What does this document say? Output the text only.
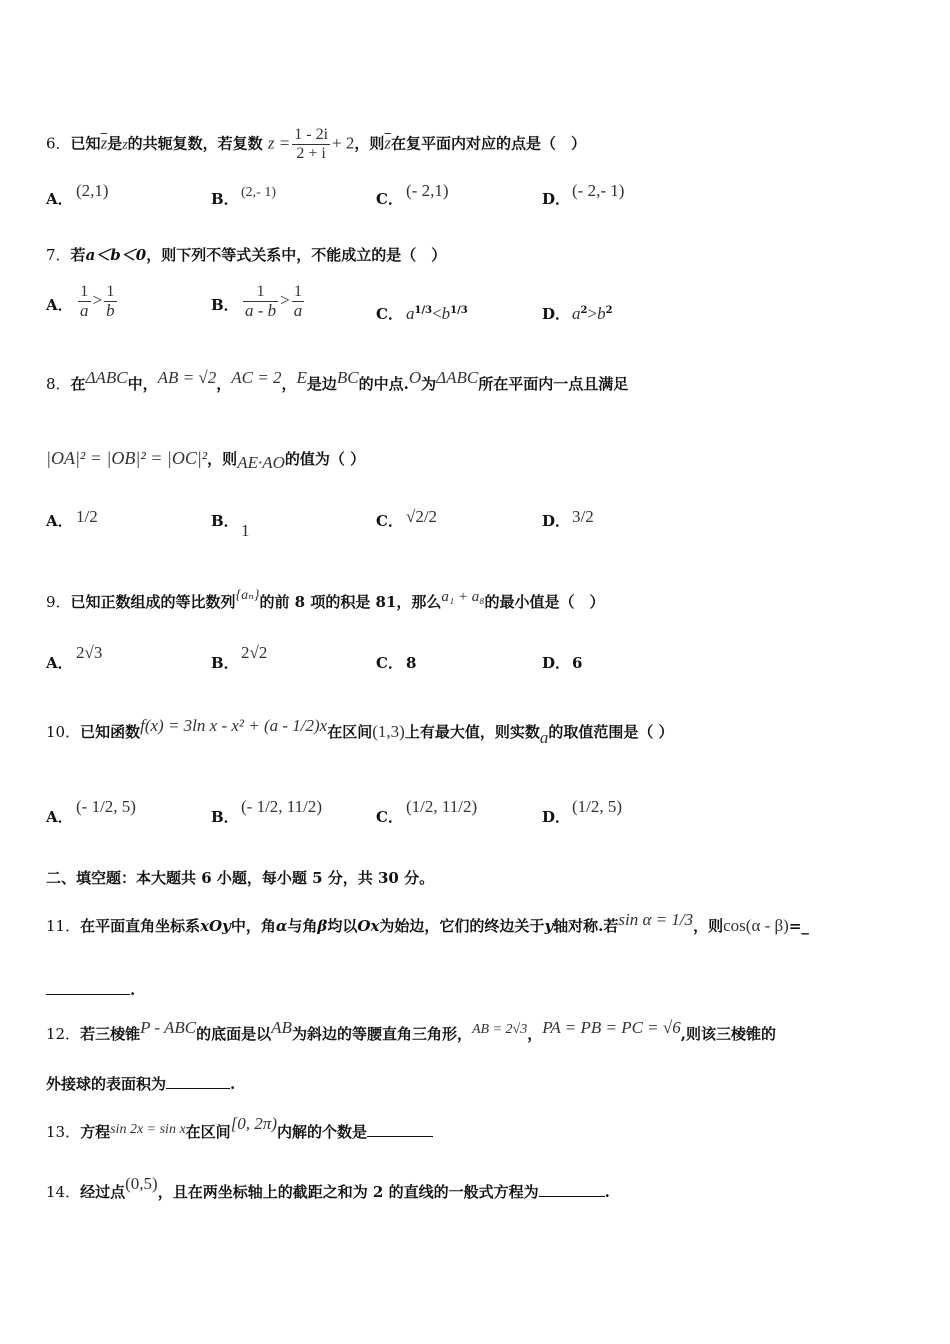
6．已知$\overline{z}$是z的共轭复数，若复数 $z = \frac{1 - 2i}{2 + i} + 2$，则$\overline{z}$在复平面内对应的点是（　）
A． (2,1)	B． (2,- 1)	C． (- 2,1)	D． (- 2,- 1)
7．若a＜b＜0，则下列不等式关系中，不能成立的是（　）
A． $\frac{1}{a} > \frac{1}{b}$	B． $\frac{1}{a - b} > \frac{1}{a}$	C． $a^{1/3}<b^{1/3}$	D． $a^2>b^2$
8．在ΔABC中，AB = √2，AC = 2，E是边BC的中点.O为ΔABC所在平面内一点且满足
|OA|² = |OB|² = |OC|²，则AE·AO的值为（ ）
A． 1/2	B． 1	C． √2/2	D． 3/2
9．已知正数组成的等比数列{aₙ}的前 8 项的积是 81，那么a₁ + a₈的最小值是（　）
A．2√3
B．2√2
C． 8	D． 6
10．已知函数f(x) = 3ln x - x² + (a - 1/2)x在区间(1,3)上有最大值，则实数a的取值范围是（ ）
A．(- 1/2, 5)
B．(- 1/2, 11/2)
C．(1/2, 11/2)
D．(1/2, 5)
二、填空题：本大题共 6 小题，每小题 5 分，共 30 分。
11．在平面直角坐标系xOy中，角α与角β均以Ox为始边，它们的终边关于y轴对称.若sin α = 1/3，则cos(α - β)=_
.
12．若三棱锥P - ABC的底面是以AB为斜边的等腰直角三角形，AB = 2√3，PA = PB = PC = √6,则该三棱锥的
外接球的表面积为	.
13．方程sin 2x = sin x在区间[0, 2π)内解的个数是
14．经过点(0,5)，且在两坐标轴上的截距之和为 2 的直线的一般式方程为	.
